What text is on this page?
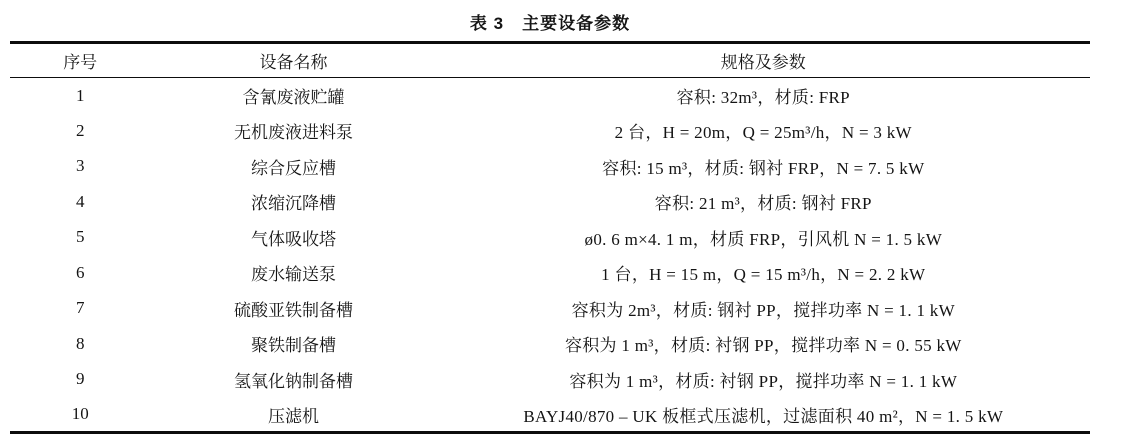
表 3　主要设备参数
序号	设备名称	规格及参数
1	含氰废液贮罐	容积: 32m³，材质: FRP
2	无机废液进料泵	2 台，H = 20m，Q = 25m³/h，N = 3 kW
3	综合反应槽	容积: 15 m³，材质: 钢衬 FRP，N = 7. 5 kW
4	浓缩沉降槽	容积: 21 m³，材质: 钢衬 FRP
5	气体吸收塔	ø0. 6 m×4. 1 m，材质 FRP，引风机 N = 1. 5 kW
6	废水输送泵	1 台，H = 15 m，Q = 15 m³/h，N = 2. 2 kW
7	硫酸亚铁制备槽	容积为 2m³，材质: 钢衬 PP，搅拌功率 N = 1. 1 kW
8	聚铁制备槽	容积为 1 m³，材质: 衬钢 PP，搅拌功率 N = 0. 55 kW
9	氢氧化钠制备槽	容积为 1 m³，材质: 衬钢 PP，搅拌功率 N = 1. 1 kW
10	压滤机	BAYJ40/870 – UK 板框式压滤机，过滤面积 40 m²，N = 1. 5 kW
